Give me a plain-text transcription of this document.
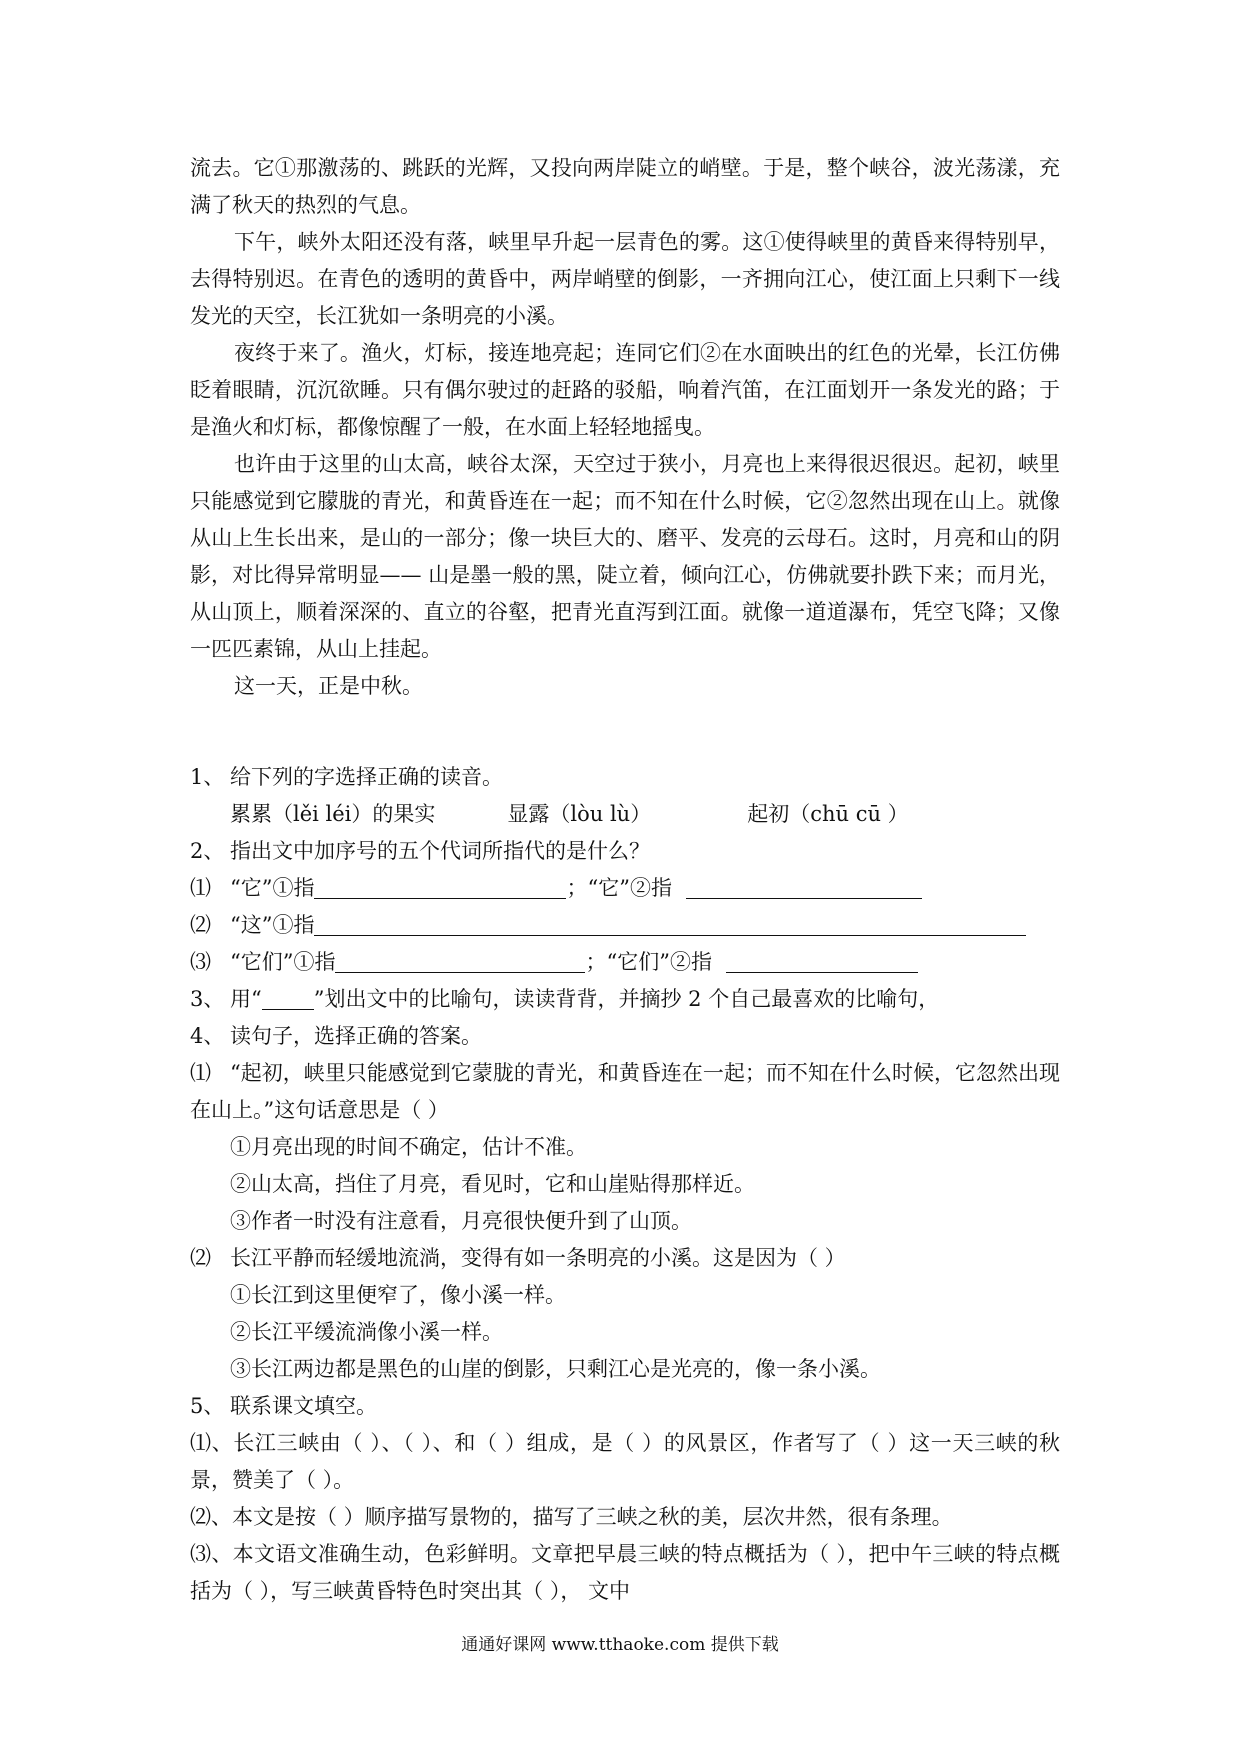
流去。它①那激荡的、跳跃的光辉，又投向两岸陡立的峭壁。于是，整个峡谷，波光荡漾，充满了秋天的热烈的气息。

下午，峡外太阳还没有落，峡里早升起一层青色的雾。这①使得峡里的黄昏来得特别早，去得特别迟。在青色的透明的黄昏中，两岸峭壁的倒影，一齐拥向江心，使江面上只剩下一线发光的天空，长江犹如一条明亮的小溪。

夜终于来了。渔火，灯标，接连地亮起；连同它们②在水面映出的红色的光晕，长江仿佛眨着眼睛，沉沉欲睡。只有偶尔驶过的赶路的驳船，响着汽笛，在江面划开一条发光的路；于是渔火和灯标，都像惊醒了一般，在水面上轻轻地摇曳。

也许由于这里的山太高，峡谷太深，天空过于狭小，月亮也上来得很迟很迟。起初，峡里只能感觉到它朦胧的青光，和黄昏连在一起；而不知在什么时候，它②忽然出现在山上。就像从山上生长出来，是山的一部分；像一块巨大的、磨平、发亮的云母石。这时，月亮和山的阴影，对比得异常明显—— 山是墨一般的黑，陡立着，倾向江心，仿佛就要扑跌下来；而月光，从山顶上，顺着深深的、直立的谷壑，把青光直泻到江面。就像一道道瀑布，凭空飞降；又像一匹匹素锦，从山上挂起。

这一天，正是中秋。

1、 给下列的字选择正确的读音。

累累（lěi léi）的果实	显露（lòu lù）	起初（chū cū ）

2、 指出文中加序号的五个代词所指代的是什么？

⑴ “它”①指	；“它”②指

⑵ “这”①指

⑶ “它们”①指	；“它们”②指

3、 用“ ”划出文中的比喻句，读读背背，并摘抄 2 个自己最喜欢的比喻句，

4、 读句子，选择正确的答案。

⑴ “起初，峡里只能感觉到它蒙胧的青光，和黄昏连在一起；而不知在什么时候，它忽然出现在山上。”这句话意思是（ ）

①月亮出现的时间不确定，估计不准。

②山太高，挡住了月亮，看见时，它和山崖贴得那样近。

③作者一时没有注意看，月亮很快便升到了山顶。

⑵ 长江平静而轻缓地流淌，变得有如一条明亮的小溪。这是因为（ ）

①长江到这里便窄了，像小溪一样。

②长江平缓流淌像小溪一样。

③长江两边都是黑色的山崖的倒影，只剩江心是光亮的，像一条小溪。

5、 联系课文填空。

⑴、长江三峡由（ ）、（ ）、和（ ）组成，是（ ）的风景区，作者写了（ ）这一天三峡的秋景，赞美了（ ）。

⑵、本文是按（ ）顺序描写景物的，描写了三峡之秋的美，层次井然，很有条理。

⑶、本文语文准确生动，色彩鲜明。文章把早晨三峡的特点概括为（ ），把中午三峡的特点概括为（ ），写三峡黄昏特色时突出其（ ）， 文中

通通好课网 www.tthaoke.com 提供下载
